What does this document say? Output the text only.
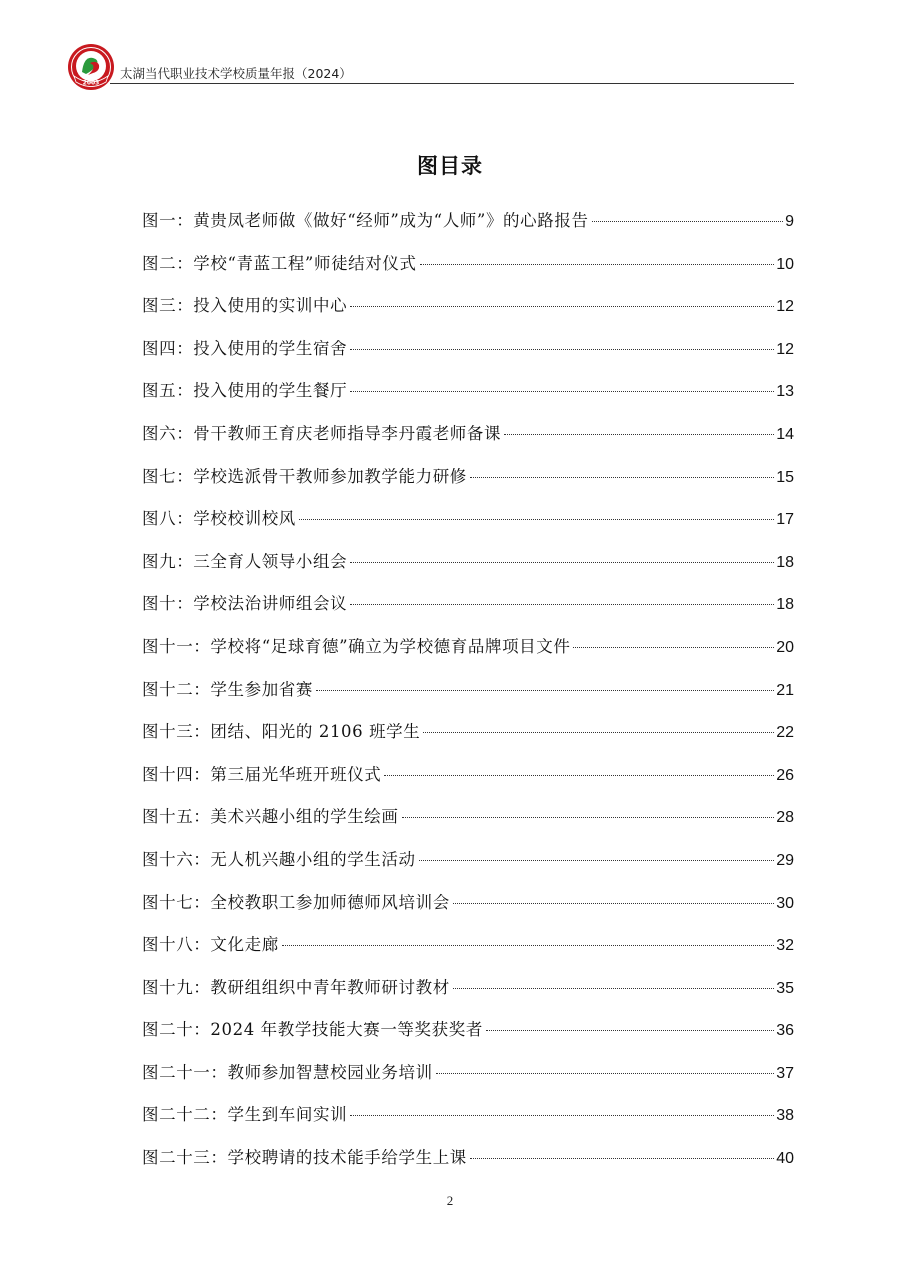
2003
太湖当代职业技术学校质量年报（2024）
图目录
图一：黄贵凤老师做《做好“经师”成为“人师”》的心路报告	9
图二：学校“青蓝工程”师徒结对仪式	10
图三：投入使用的实训中心	12
图四：投入使用的学生宿舍	12
图五：投入使用的学生餐厅	13
图六：骨干教师王育庆老师指导李丹霞老师备课	14
图七：学校选派骨干教师参加教学能力研修	15
图八：学校校训校风	17
图九：三全育人领导小组会	18
图十：学校法治讲师组会议	18
图十一：学校将“足球育德”确立为学校德育品牌项目文件	20
图十二：学生参加省赛	21
图十三：团结、阳光的 2106 班学生	22
图十四：第三届光华班开班仪式	26
图十五：美术兴趣小组的学生绘画	28
图十六：无人机兴趣小组的学生活动	29
图十七：全校教职工参加师德师风培训会	30
图十八：文化走廊	32
图十九：教研组组织中青年教师研讨教材	35
图二十：2024 年教学技能大赛一等奖获奖者	36
图二十一：教师参加智慧校园业务培训	37
图二十二：学生到车间实训	38
图二十三：学校聘请的技术能手给学生上课	40
2
